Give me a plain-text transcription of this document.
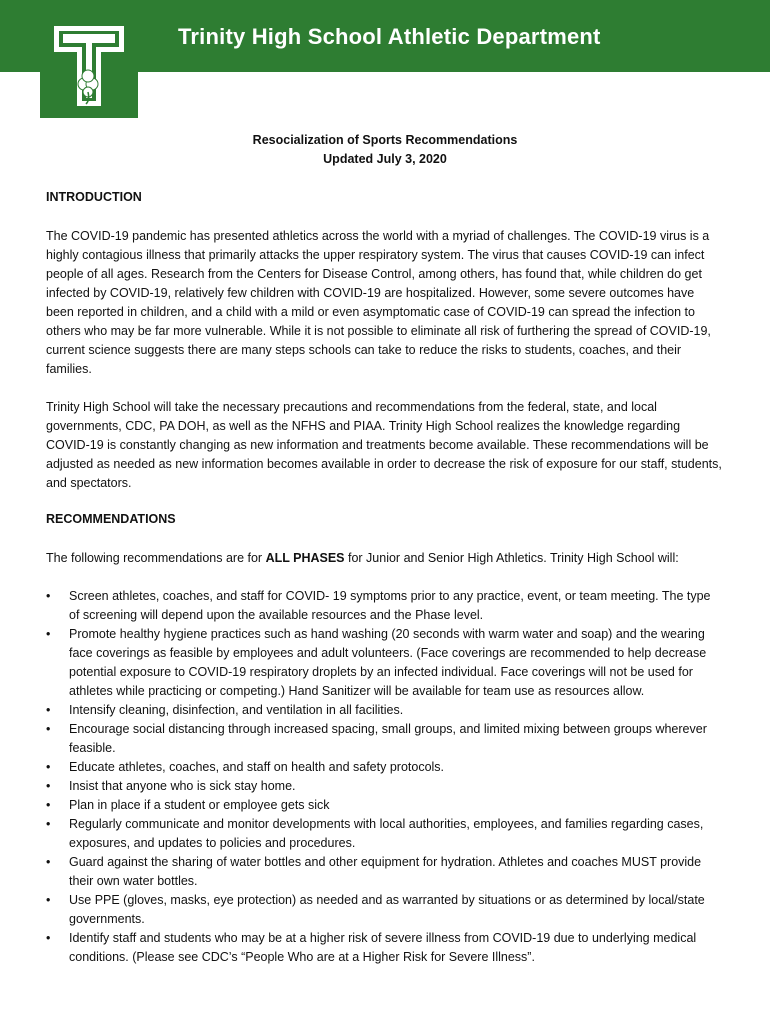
Trinity High School Athletic Department
Resocialization of Sports Recommendations
Updated July 3, 2020
INTRODUCTION

The COVID-19 pandemic has presented athletics across the world with a myriad of challenges. The COVID-19 virus is a highly contagious illness that primarily attacks the upper respiratory system. The virus that causes COVID-19 can infect people of all ages. Research from the Centers for Disease Control, among others, has found that, while children do get infected by COVID-19, relatively few children with COVID-19 are hospitalized. However, some severe outcomes have been reported in children, and a child with a mild or even asymptomatic case of COVID-19 can spread the infection to others who may be far more vulnerable. While it is not possible to eliminate all risk of furthering the spread of COVID-19, current science suggests there are many steps schools can take to reduce the risks to students, coaches, and their families.

Trinity High School will take the necessary precautions and recommendations from the federal, state, and local governments, CDC, PA DOH, as well as the NFHS and PIAA. Trinity High School realizes the knowledge regarding COVID-19 is constantly changing as new information and treatments become available. These recommendations will be adjusted as needed as new information becomes available in order to decrease the risk of exposure for our staff, students, and spectators.

RECOMMENDATIONS

The following recommendations are for ALL PHASES for Junior and Senior High Athletics. Trinity High School will:

• Screen athletes, coaches, and staff for COVID- 19 symptoms prior to any practice, event, or team meeting. The type of screening will depend upon the available resources and the Phase level.
• Promote healthy hygiene practices such as hand washing (20 seconds with warm water and soap) and the wearing face coverings as feasible by employees and adult volunteers. (Face coverings are recommended to help decrease potential exposure to COVID-19 respiratory droplets by an infected individual. Face coverings will not be used for athletes while practicing or competing.) Hand Sanitizer will be available for team use as resources allow.
• Intensify cleaning, disinfection, and ventilation in all facilities.
• Encourage social distancing through increased spacing, small groups, and limited mixing between groups wherever feasible.
• Educate athletes, coaches, and staff on health and safety protocols.
• Insist that anyone who is sick stay home.
• Plan in place if a student or employee gets sick
• Regularly communicate and monitor developments with local authorities, employees, and families regarding cases, exposures, and updates to policies and procedures.
• Guard against the sharing of water bottles and other equipment for hydration. Athletes and coaches MUST provide their own water bottles.
• Use PPE (gloves, masks, eye protection) as needed and as warranted by situations or as determined by local/state governments.
• Identify staff and students who may be at a higher risk of severe illness from COVID-19 due to underlying medical conditions. (Please see CDC’s “People Who are at a Higher Risk for Severe Illness”.
